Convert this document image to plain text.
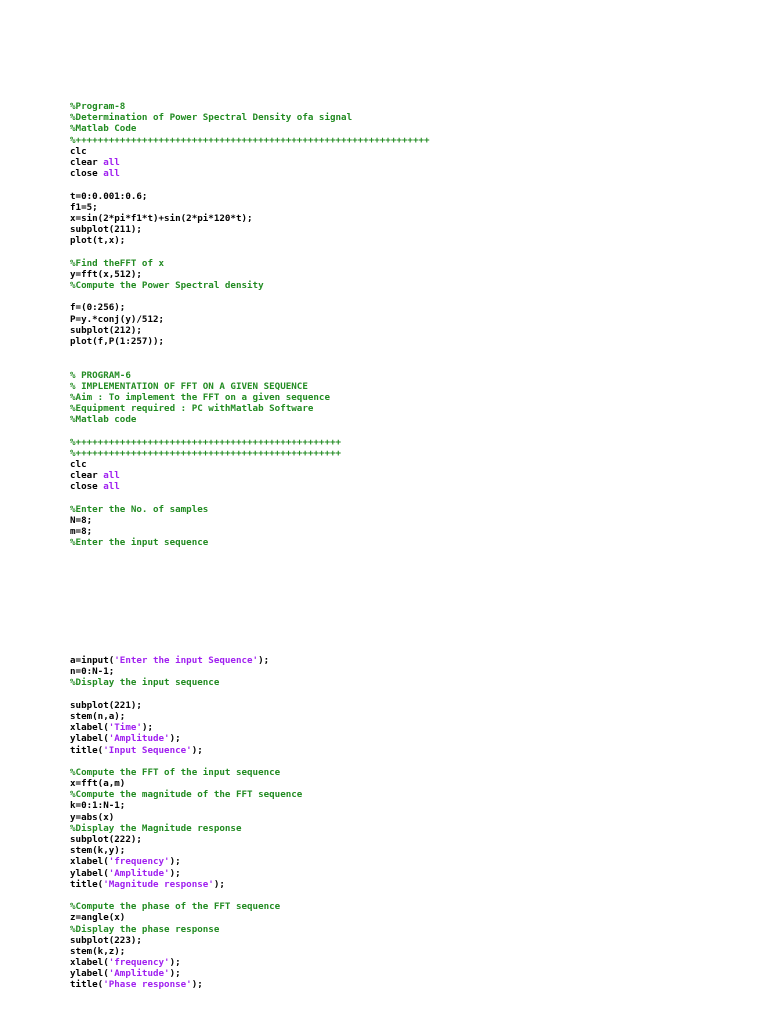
%Program-8
%Determination of Power Spectral Density ofa signal
%Matlab Code
%++++++++++++++++++++++++++++++++++++++++++++++++++++++++++++++++
clc
clear all
close all
t=0:0.001:0.6;
f1=5;
x=sin(2*pi*f1*t)+sin(2*pi*120*t);
subplot(211);
plot(t,x);
%Find theFFT of x
y=fft(x,512);
%Compute the Power Spectral density
f=(0:256);
P=y.*conj(y)/512;
subplot(212);
plot(f,P(1:257));
% PROGRAM-6
% IMPLEMENTATION OF FFT ON A GIVEN SEQUENCE
%Aim : To implement the FFT on a given sequence
%Equipment required : PC withMatlab Software
%Matlab code
%++++++++++++++++++++++++++++++++++++++++++++++++
%++++++++++++++++++++++++++++++++++++++++++++++++
clc
clear all
close all
%Enter the No. of samples
N=8;
m=8;
%Enter the input sequence
a=input('Enter the input Sequence');
n=0:N-1;
%Display the input sequence
subplot(221);
stem(n,a);
xlabel('Time');
ylabel('Amplitude');
title('Input Sequence');
%Compute the FFT of the input sequence
x=fft(a,m)
%Compute the magnitude of the FFT sequence
k=0:1:N-1;
y=abs(x)
%Display the Magnitude response
subplot(222);
stem(k,y);
xlabel('frequency');
ylabel('Amplitude');
title('Magnitude response');
%Compute the phase of the FFT sequence
z=angle(x)
%Display the phase response
subplot(223);
stem(k,z);
xlabel('frequency');
ylabel('Amplitude');
title('Phase response');
